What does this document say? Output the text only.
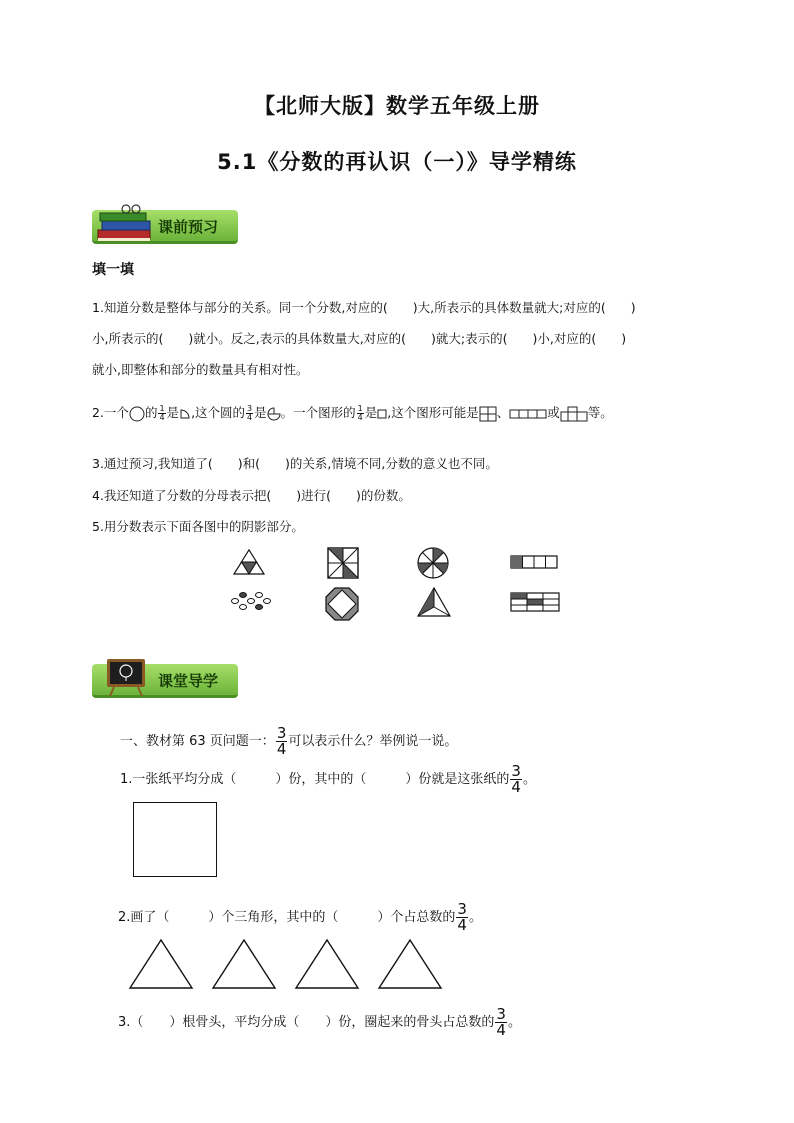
【北师大版】数学五年级上册
5.1《分数的再认识（一）》导学精练
课前预习
填一填
1.知道分数是整体与部分的关系。同一个分数,对应的(　　)大,所表示的具体数量就大;对应的(　　)
小,所表示的(　　)就小。反之,表示的具体数量大,对应的(　　)就大;表示的(　　)小,对应的(　　)
就小,即整体和部分的数量具有相对性。
2.一个 的 $\frac{1}{4}$ 是 ,这个圆的 $\frac{3}{4}$ 是 。一个图形的 $\frac{1}{4}$ 是 ,这个图形可能是 、	或 等。
3.通过预习,我知道了(　　)和(　　)的关系,情境不同,分数的意义也不同。
4.我还知道了分数的分母表示把(　　)进行(　　)的份数。
5.用分数表示下面各图中的阴影部分。
课堂导学
一、教材第 63 页问题一： $\frac{3}{4}$ 可以表示什么？举例说一说。
1.一张纸平均分成（　　　）份，其中的（　　　）份就是这张纸的 $\frac{3}{4}$ 。
2.画了（　　　）个三角形，其中的（　　　）个占总数的 $\frac{3}{4}$ 。
3.（　　）根骨头，平均分成（　　）份，圈起来的骨头占总数的 $\frac{3}{4}$ 。
